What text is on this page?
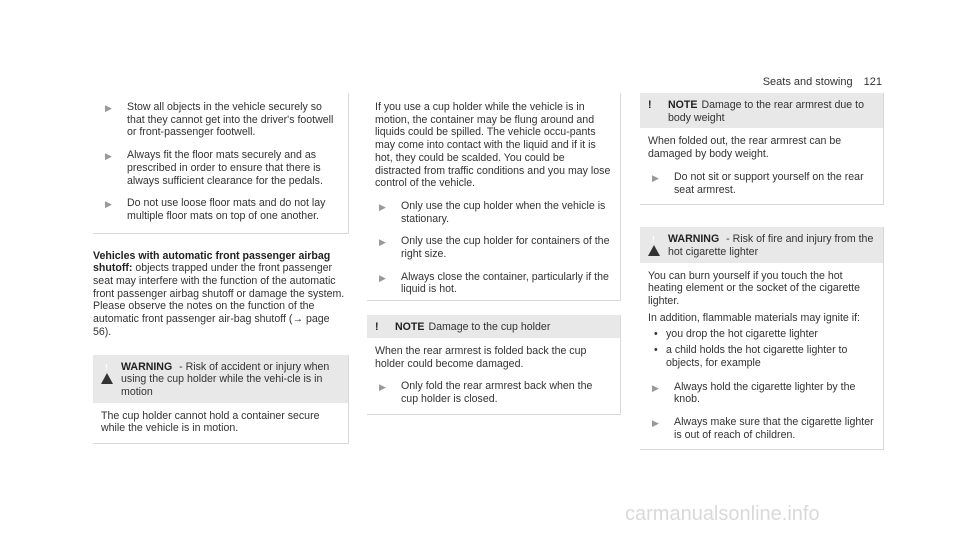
Seats and stowing 121
▶	Stow all objects in the vehicle securely so that they cannot get into the driver's footwell or front-passenger footwell.
▶	Always fit the floor mats securely and as prescribed in order to ensure that there is always sufficient clearance for the pedals.
▶	Do not use loose floor mats and do not lay multiple floor mats on top of one another.
Vehicles with automatic front passenger airbag shutoff: objects trapped under the front passenger seat may interfere with the function of the automatic front passenger airbag shutoff or damage the system. Please observe the notes on the function of the automatic front passenger air-bag shutoff (→ page 56).
!
WARNING - Risk of accident or injury when using the cup holder while the vehi-cle is in motion

The cup holder cannot hold a container secure while the vehicle is in motion.

If you use a cup holder while the vehicle is in motion, the container may be flung around and liquids could be spilled. The vehicle occu-pants may come into contact with the liquid and if it is hot, they could be scalded. You could be distracted from traffic conditions and you may lose control of the vehicle.
▶	Only use the cup holder when the vehicle is stationary.
▶	Only use the cup holder for containers of the right size.
▶	Always close the container, particularly if the liquid is hot.
!	NOTE Damage to the cup holder

When the rear armrest is folded back the cup holder could become damaged.

▶	Only fold the rear armrest back when the cup holder is closed.
!	NOTE Damage to the rear armrest due to body weight

When folded out, the rear armrest can be damaged by body weight.

▶	Do not sit or support yourself on the rear seat armrest.
!
WARNING - Risk of fire and injury from the hot cigarette lighter

You can burn yourself if you touch the hot heating element or the socket of the cigarette lighter.

In addition, flammable materials may ignite if:

• you drop the hot cigarette lighter
• a child holds the hot cigarette lighter to objects, for example
▶	Always hold the cigarette lighter by the knob.
▶	Always make sure that the cigarette lighter is out of reach of children.
carmanualsonline.info
